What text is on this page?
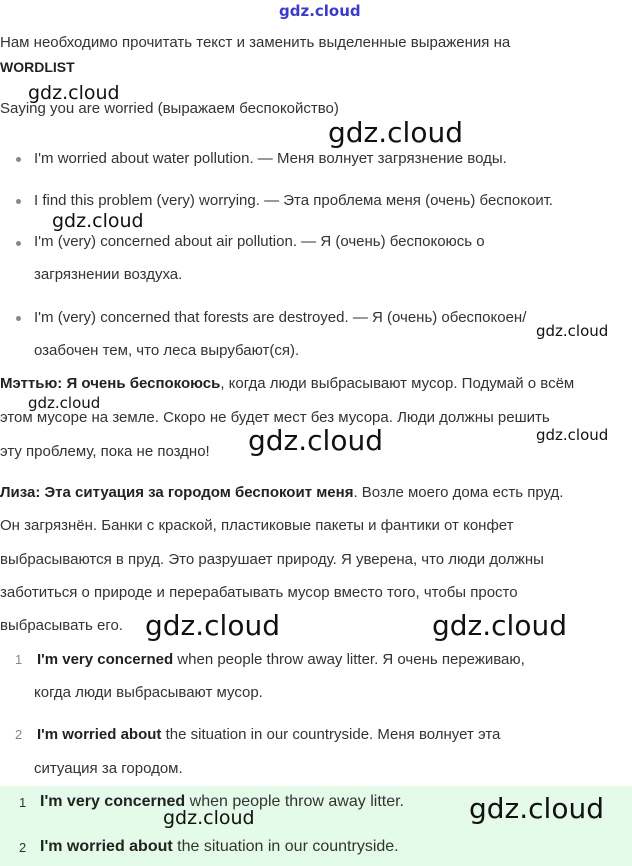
gdz.cloud
Нам необходимо прочитать текст и заменить выделенные выражения на
WORDLIST
Saying you are worried (выражаем беспокойство)
I'm worried about water pollution. — Меня волнует загрязнение воды.
I find this problem (very) worrying. — Эта проблема меня (очень) беспокоит.
I'm (very) concerned about air pollution. — Я (очень) беспокоюсь о
загрязнении воздуха.
I'm (very) concerned that forests are destroyed. — Я (очень) обеспокоен/
озабочен тем, что леса вырубают(ся).
Мэттью: Я очень беспокоюсь, когда люди выбрасывают мусор. Подумай о всём
этом мусоре на земле. Скоро не будет мест без мусора. Люди должны решить
эту проблему, пока не поздно!
Лиза: Эта ситуация за городом беспокоит меня. Возле моего дома есть пруд.
Он загрязнён. Банки с краской, пластиковые пакеты и фантики от конфет
выбрасываются в пруд. Это разрушает природу. Я уверена, что люди должны
заботиться о природе и перерабатывать мусор вместо того, чтобы просто
выбрасывать его.
1 I'm very concerned when people throw away litter. Я очень переживаю,
когда люди выбрасывают мусор.
2 I'm worried about the situation in our countryside. Меня волнует эта
ситуация за городом.
1 I'm very concerned when people throw away litter.
2 I'm worried about the situation in our countryside.
gdz.cloud
gdz.cloud
gdz.cloud
gdz.cloud
gdz.cloud
gdz.cloud	gdz.cloud
gdz.cloud	gdz.cloud
gdz.cloud
gdz.cloud
